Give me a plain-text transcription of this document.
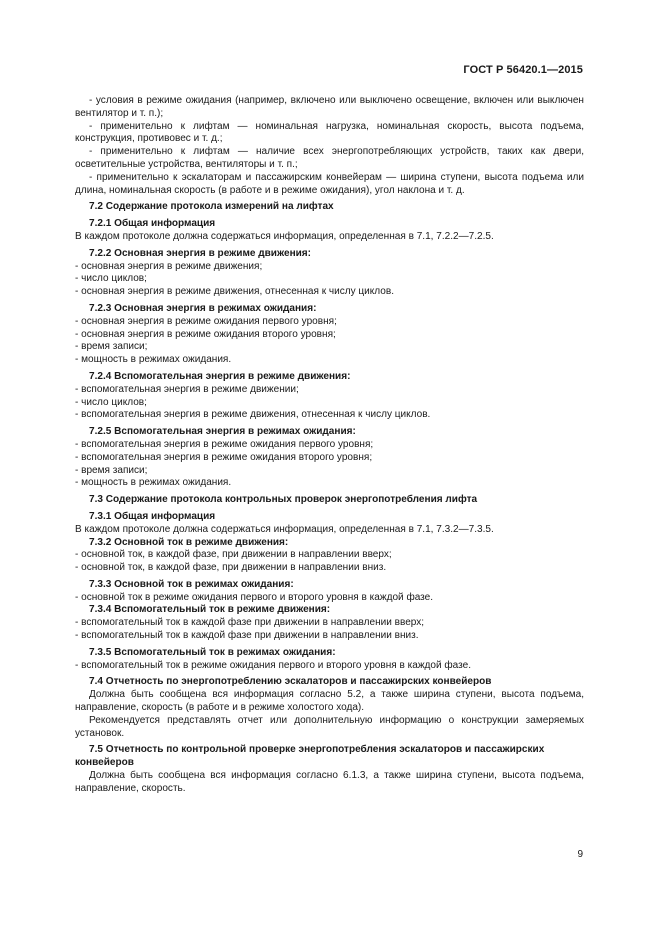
ГОСТ Р 56420.1—2015

- условия в режиме ожидания (например, включено или выключено освещение, включен или выключен вентилятор и т. п.);

- применительно к лифтам — номинальная нагрузка, номинальная скорость, высота подъема, конструкция, противовес и т. д.;

- применительно к лифтам — наличие всех энергопотребляющих устройств, таких как двери, осветительные устройства, вентиляторы и т. п.;

- применительно к эскалаторам и пассажирским конвейерам — ширина ступени, высота подъема или длина, номинальная скорость (в работе и в режиме ожидания), угол наклона и т. д.

7.2 Содержание протокола измерений на лифтах

7.2.1 Общая информация

В каждом протоколе должна содержаться информация, определенная в 7.1, 7.2.2—7.2.5.

7.2.2 Основная энергия в режиме движения:

- основная энергия в режиме движения;

- число циклов;

- основная энергия в режиме движения, отнесенная к числу циклов.

7.2.3 Основная энергия в режимах ожидания:

- основная энергия в режиме ожидания первого уровня;

- основная энергия в режиме ожидания второго уровня;

- время записи;

- мощность в режимах ожидания.

7.2.4 Вспомогательная энергия в режиме движения:

- вспомогательная энергия в режиме движении;

- число циклов;

- вспомогательная энергия в режиме движения, отнесенная к числу циклов.

7.2.5 Вспомогательная энергия в режимах ожидания:

- вспомогательная энергия в режиме ожидания первого уровня;

- вспомогательная энергия в режиме ожидания второго уровня;

- время записи;

- мощность в режимах ожидания.

7.3 Содержание протокола контрольных проверок энергопотребления лифта

7.3.1 Общая информация

В каждом протоколе должна содержаться информация, определенная в 7.1, 7.3.2—7.3.5.

7.3.2 Основной ток в режиме движения:

- основной ток, в каждой фазе, при движении в направлении вверх;

- основной ток, в каждой фазе, при движении в направлении вниз.

7.3.3 Основной ток в режимах ожидания:

- основной ток в режиме ожидания первого и второго уровня в каждой фазе.

7.3.4 Вспомогательный ток в режиме движения:

- вспомогательный ток в каждой фазе при движении в направлении вверх;

- вспомогательный ток в каждой фазе при движении в направлении вниз.

7.3.5 Вспомогательный ток в режимах ожидания:

- вспомогательный ток в режиме ожидания первого и второго уровня в каждой фазе.

7.4 Отчетность по энергопотреблению эскалаторов и пассажирских конвейеров

Должна быть сообщена вся информация согласно 5.2, а также ширина ступени, высота подъема, направление, скорость (в работе и в режиме холостого хода).

Рекомендуется представлять отчет или дополнительную информацию о конструкции замеряемых установок.

7.5 Отчетность по контрольной проверке энергопотребления эскалаторов и пассажирских конвейеров

Должна быть сообщена вся информация согласно 6.1.3, а также ширина ступени, высота подъема, направление, скорость.

9
